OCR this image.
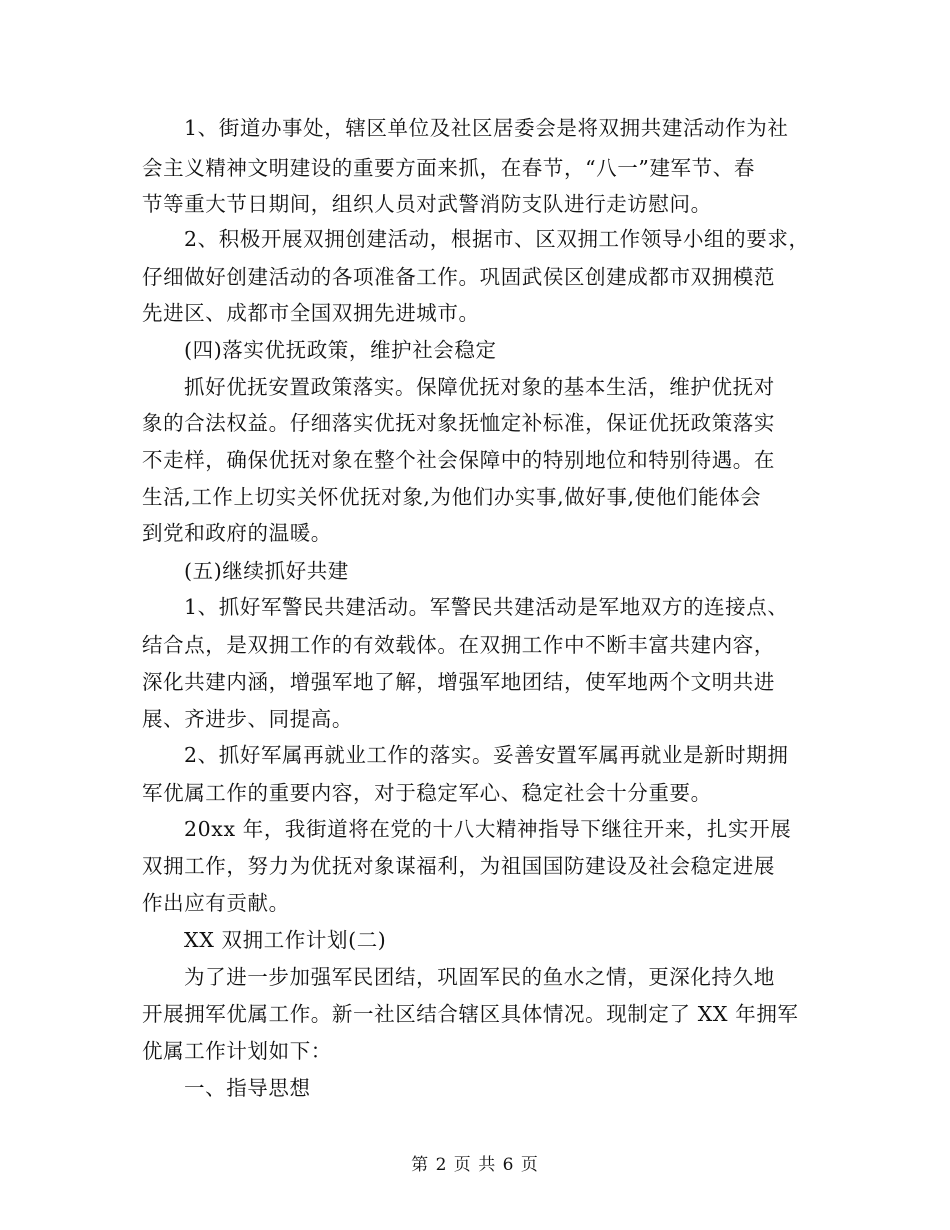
1、街道办事处，辖区单位及社区居委会是将双拥共建活动作为社
会主义精神文明建设的重要方面来抓，在春节，“八一”建军节、春
节等重大节日期间，组织人员对武警消防支队进行走访慰问。
2、积极开展双拥创建活动，根据市、区双拥工作领导小组的要求，
仔细做好创建活动的各项准备工作。巩固武侯区创建成都市双拥模范
先进区、成都市全国双拥先进城市。
(四)落实优抚政策，维护社会稳定
抓好优抚安置政策落实。保障优抚对象的基本生活，维护优抚对
象的合法权益。仔细落实优抚对象抚恤定补标准，保证优抚政策落实
不走样，确保优抚对象在整个社会保障中的特别地位和特别待遇。在
生活,工作上切实关怀优抚对象,为他们办实事,做好事,使他们能体会
到党和政府的温暖。
(五)继续抓好共建
1、抓好军警民共建活动。军警民共建活动是军地双方的连接点、
结合点，是双拥工作的有效载体。在双拥工作中不断丰富共建内容，
深化共建内涵，增强军地了解，增强军地团结，使军地两个文明共进
展、齐进步、同提高。
2、抓好军属再就业工作的落实。妥善安置军属再就业是新时期拥
军优属工作的重要内容，对于稳定军心、稳定社会十分重要。
20xx 年，我街道将在党的十八大精神指导下继往开来，扎实开展
双拥工作，努力为优抚对象谋福利，为祖国国防建设及社会稳定进展
作出应有贡献。
XX 双拥工作计划(二)
为了进一步加强军民团结，巩固军民的鱼水之情，更深化持久地
开展拥军优属工作。新一社区结合辖区具体情况。现制定了 XX 年拥军
优属工作计划如下：
一、指导思想
第 2 页 共 6 页
